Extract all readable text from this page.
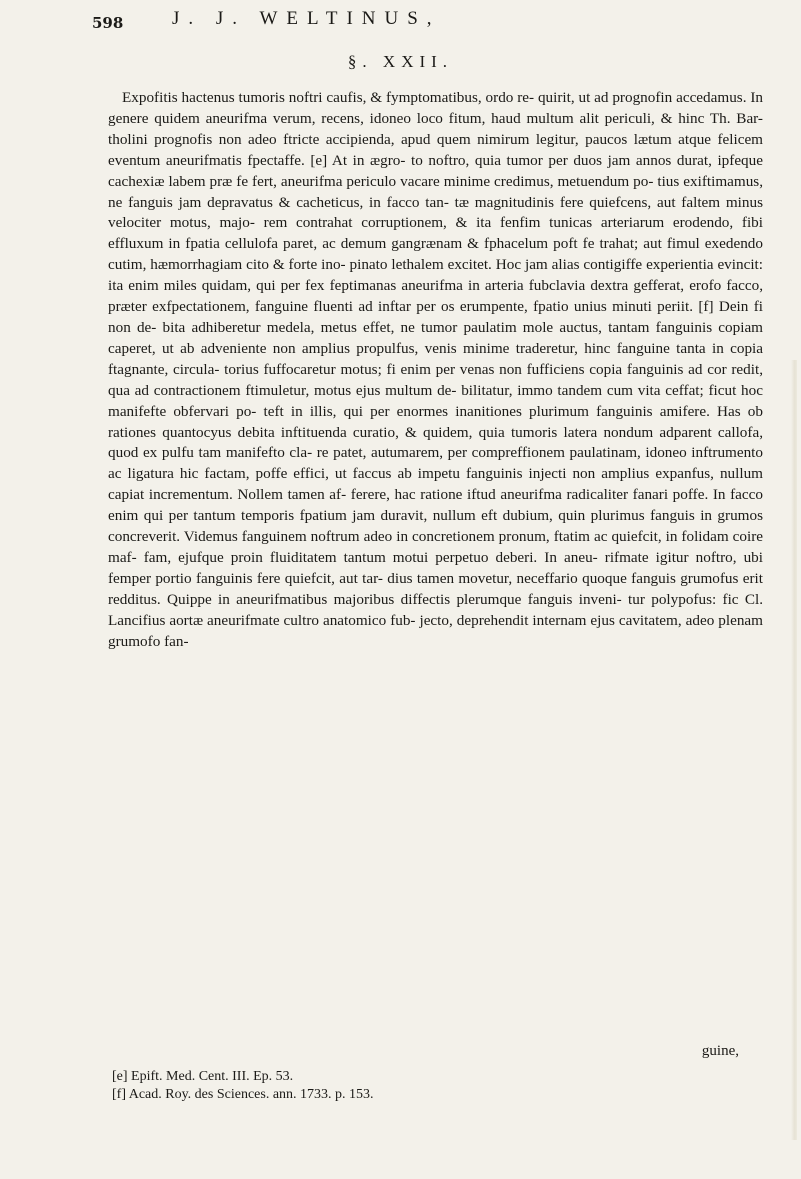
598	J. J. WELTINUS,
§. XXII.

Expofitis hactenus tumoris noftri caufis, & fymptomatibus, ordo re- quirit, ut ad prognofin accedamus. In genere quidem aneurifma verum, recens, idoneo loco fitum, haud multum alit periculi, & hinc Th. Bar- tholini prognofis non adeo ftricte accipienda, apud quem nimirum legitur, paucos lætum atque felicem eventum aneurifmatis fpectaffe. [e] At in ægro- to noftro, quia tumor per duos jam annos durat, ipfeque cachexiæ labem præ fe fert, aneurifma periculo vacare minime credimus, metuendum po- tius exiftimamus, ne fanguis jam depravatus & cacheticus, in facco tan- tæ magnitudinis fere quiefcens, aut faltem minus velociter motus, majo- rem contrahat corruptionem, & ita fenfim tunicas arteriarum erodendo, fibi effluxum in fpatia cellulofa paret, ac demum gangrænam & fphacelum poft fe trahat; aut fimul exedendo cutim, hæmorrhagiam cito & forte ino- pinato lethalem excitet. Hoc jam alias contigiffe experientia evincit: ita enim miles quidam, qui per fex feptimanas aneurifma in arteria fubclavia dextra gefferat, erofo facco, præter exfpectationem, fanguine fluenti ad inftar per os erumpente, fpatio unius minuti periit. [f] Dein fi non de- bita adhiberetur medela, metus effet, ne tumor paulatim mole auctus, tantam fanguinis copiam caperet, ut ab adveniente non amplius propulfus, venis minime traderetur, hinc fanguine tanta in copia ftagnante, circula- torius fuffocaretur motus; fi enim per venas non fufficiens copia fanguinis ad cor redit, qua ad contractionem ftimuletur, motus ejus multum de- bilitatur, immo tandem cum vita ceffat; ficut hoc manifefte obfervari po- teft in illis, qui per enormes inanitiones plurimum fanguinis amifere. Has ob rationes quantocyus debita inftituenda curatio, & quidem, quia tumoris latera nondum adparent callofa, quod ex pulfu tam manifefto cla- re patet, autumarem, per compreffionem paulatinam, idoneo inftrumento ac ligatura hic factam, poffe effici, ut faccus ab impetu fanguinis injecti non amplius expanfus, nullum capiat incrementum. Nollem tamen af- ferere, hac ratione iftud aneurifma radicaliter fanari poffe. In facco enim qui per tantum temporis fpatium jam duravit, nullum eft dubium, quin plurimus fanguis in grumos concreverit. Videmus fanguinem noftrum adeo in concretionem pronum, ftatim ac quiefcit, in folidam coire maf- fam, ejufque proin fluiditatem tantum motui perpetuo deberi. In aneu- rifmate igitur noftro, ubi femper portio fanguinis fere quiefcit, aut tar- dius tamen movetur, neceffario quoque fanguis grumofus erit redditus. Quippe in aneurifmatibus majoribus diffectis plerumque fanguis inveni- tur polypofus: fic Cl. Lancifius aortæ aneurifmate cultro anatomico fub- jecto, deprehendit internam ejus cavitatem, adeo plenam grumofo fan-

guine,
[e] Epift. Med. Cent. III. Ep. 53.
[f] Acad. Roy. des Sciences. ann. 1733. p. 153.
